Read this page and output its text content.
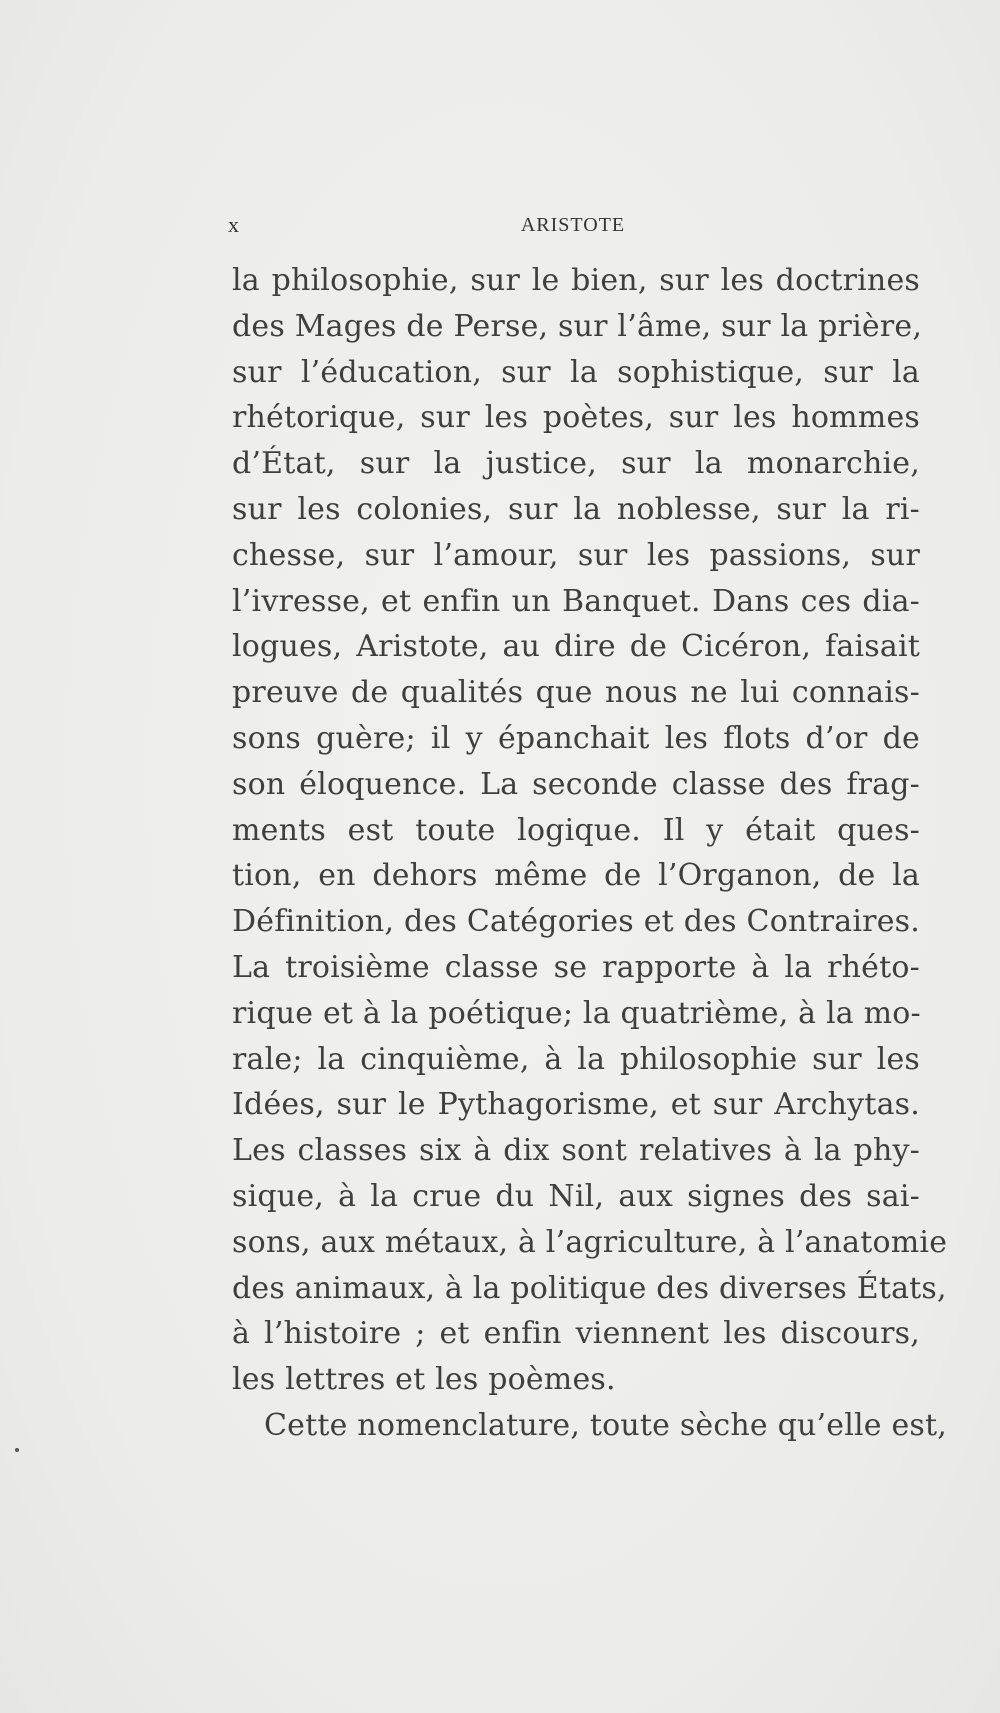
x	ARISTOTE
la philosophie, sur le bien, sur les doctrines
des Mages de Perse, sur l’âme, sur la prière,
sur l’éducation, sur la sophistique, sur la
rhétorique, sur les poètes, sur les hommes
d’État, sur la justice, sur la monarchie,
sur les colonies, sur la noblesse, sur la ri-
chesse, sur l’amour, sur les passions, sur
l’ivresse, et enfin un Banquet. Dans ces dia-
logues, Aristote, au dire de Cicéron, faisait
preuve de qualités que nous ne lui connais-
sons guère; il y épanchait les flots d’or de
son éloquence. La seconde classe des frag-
ments est toute logique. Il y était ques-
tion, en dehors même de l’Organon, de la
Définition, des Catégories et des Contraires.
La troisième classe se rapporte à la rhéto-
rique et à la poétique; la quatrième, à la mo-
rale; la cinquième, à la philosophie sur les
Idées, sur le Pythagorisme, et sur Archytas.
Les classes six à dix sont relatives à la phy-
sique, à la crue du Nil, aux signes des sai-
sons, aux métaux, à l’agriculture, à l’anatomie
des animaux, à la politique des diverses États,
à l’histoire ; et enfin viennent les discours,
les lettres et les poèmes.
Cette nomenclature, toute sèche qu’elle est,
